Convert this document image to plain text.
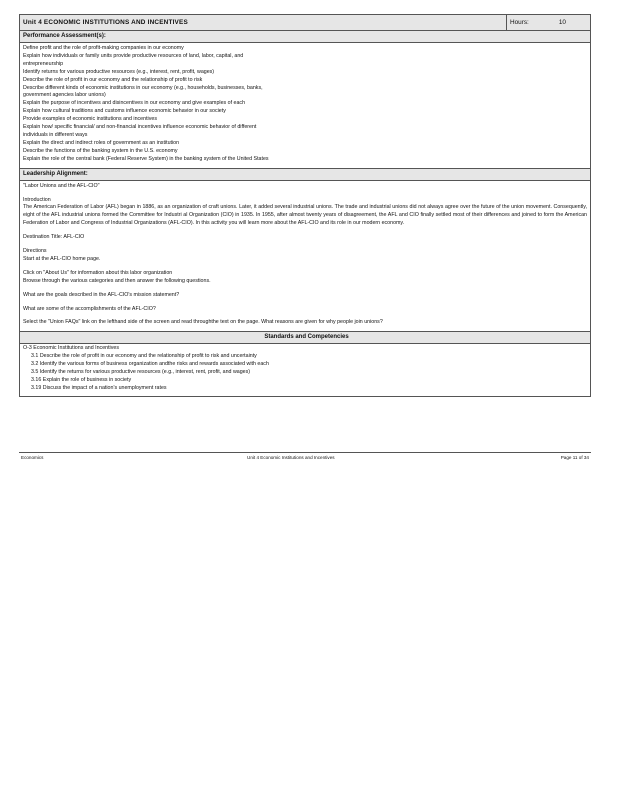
Unit 4 ECONOMIC INSTITUTIONS AND INCENTIVES	Hours:	10
Performance Assessment(s):
Define profit and the role of profit-making companies in our economy
Explain how individuals or family units provide productive resources of land, labor, capital, and
entrepreneurship
Identify returns for various productive resources (e.g., interest, rent, profit, wages)
Describe the role of profit in our economy and the relationship of profit to risk
Describe different kinds of economic institutions in our economy (e.g., households, businesses, banks,
government agencies labor unions)
Explain the purpose of incentives and disincentives in our economy and give examples of each
Explain how cultural traditions and customs influence economic behavior in our society
Provide examples of economic institutions and incentives
Explain how/ specific financial/ and non-financial incentives influence economic behavior of different
individuals in different ways
Explain the direct and indirect roles of government as an institution
Describe the functions of the banking system in the U.S. economy
Explain the role of the central bank (Federal Reserve System) in the banking system of the United States
Leadership Alignment:
"Labor Unions and the AFL-CIO"
Introduction
The American Federation of Labor (AFL) began in 1886, as an organization of craft unions. Later, it added several industrial unions. The trade and industrial unions did not always agree over the future of the union movement. Consequently, eight of the AFL industrial unions formed the Committee for Industri al Organization (CIO) in 1935. In 1955, after almost twenty years of disagreement, the AFL and CIO finally settled most of their differences and joined to form the American Federation of Labor and Congress of Industrial Organizations (AFL-CIO). In this activity you will learn more about the AFL-CIO and its role in our modern economy.
Destination Title: AFL-CIO
Directions
Start at the AFL-CIO home page.
Click on "About Us" for information about this labor organization
Browse through the various categories and then answer the following questions.
What are the goals described in the AFL-CIO's mission statement?
What are some of the accomplishments of the AFL-CIO?
Select the "Union FAQs" link on the lefthand side of the screen and read throughthe text on the page. What reasons are given for why people join unions?
Standards and Competencies
O-3 Economic Institutions and Incentives
3.1 Describe the role of profit in our economy and the relationship of profit to risk and uncertainty
3.2 Identify the various forms of business organization andthe risks and rewards associated with each
3.5 Identify the returns for various productive resources (e.g., interest, rent, profit, and wages)
3.16 Explain the role of business in society
3.19 Discuss the impact of a nation's unemployment rates
Economics	Unit 4 Economic Institutions and Incentives	Page 11 of 34
